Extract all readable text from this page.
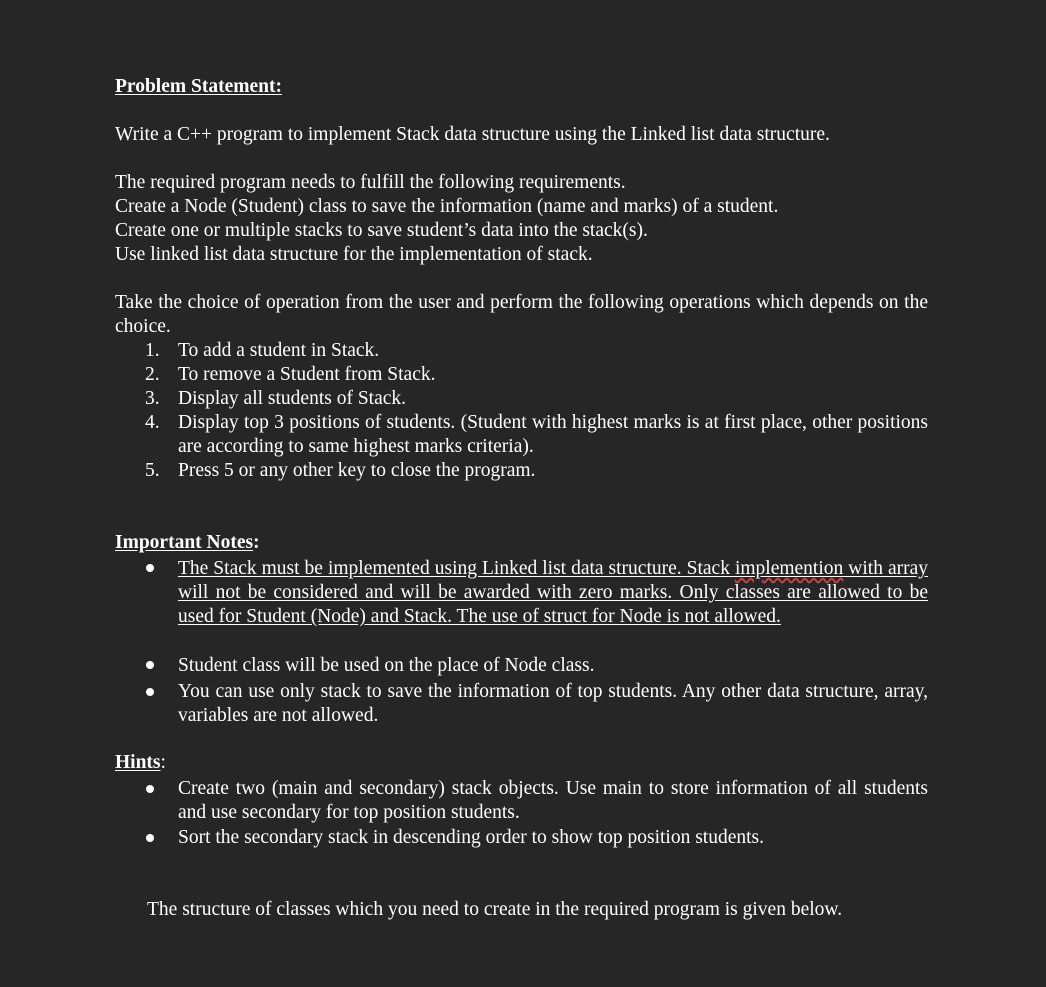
Problem Statement:
Write a C++ program to implement Stack data structure using the Linked list data structure.
The required program needs to fulfill the following requirements.
Create a Node (Student) class to save the information (name and marks) of a student.
Create one or multiple stacks to save student’s data into the stack(s).
Use linked list data structure for the implementation of stack.
Take the choice of operation from the user and perform the following operations which depends on the choice.
1. To add a student in Stack.
2. To remove a Student from Stack.
3. Display all students of Stack.
4. Display top 3 positions of students. (Student with highest marks is at first place, other positions are according to same highest marks criteria).
5. Press 5 or any other key to close the program.
Important Notes:
The Stack must be implemented using Linked list data structure. Stack implemention with array will not be considered and will be awarded with zero marks. Only classes are allowed to be used for Student (Node) and Stack. The use of struct for Node is not allowed.
Student class will be used on the place of Node class.
You can use only stack to save the information of top students. Any other data structure, array, variables are not allowed.
Hints:
Create two (main and secondary) stack objects. Use main to store information of all students and use secondary for top position students.
Sort the secondary stack in descending order to show top position students.
The structure of classes which you need to create in the required program is given below.
